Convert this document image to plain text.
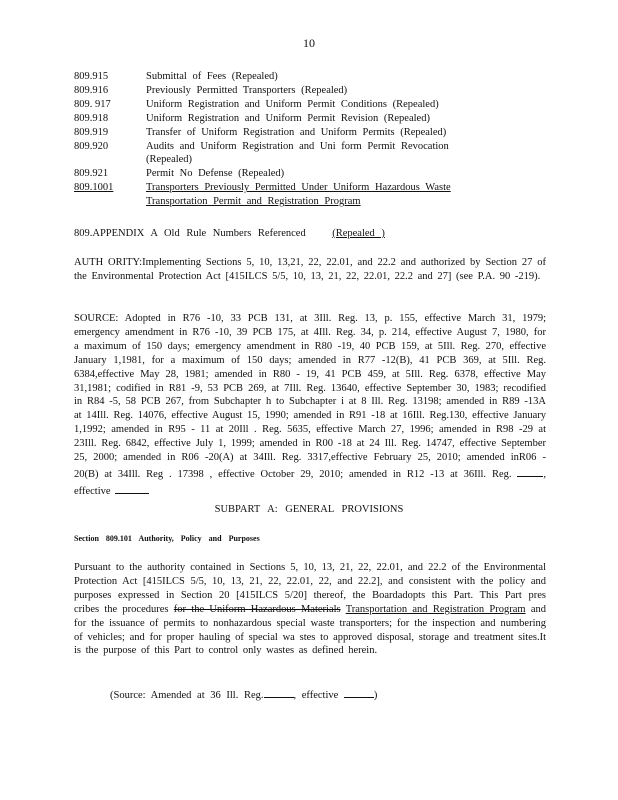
10
809.915	Submittal of Fees (Repealed)
809.916	Previously Permitted Transporters (Repealed)
809. 917	Uniform Registration and Uniform Permit Conditions (Repealed)
809.918	Uniform Registration and Uniform Permit Revision (Repealed)
809.919	Transfer of Uniform Registration and Uniform Permits (Repealed)
809.920	Audits and Uniform Registration and Uni form Permit Revocation (Repealed)
809.921	Permit No Defense (Repealed)
809.1001	Transporters Previously Permitted Under Uniform Hazardous Waste Transportation Permit and Registration Program
809.APPENDIX A Old Rule Numbers Referenced	(Repealed )
AUTH ORITY:Implementing Sections 5, 10, 13,21, 22, 22.01, and 22.2 and authorized by Section 27 of the Environmental Protection Act [415ILCS 5/5, 10, 13, 21, 22, 22.01, 22.2 and 27] (see P.A. 90 -219).
SOURCE: Adopted in R76 -10, 33 PCB 131, at 3Ill. Reg. 13, p. 155, effective March 31, 1979; emergency amendment in R76 -10, 39 PCB 175, at 4Ill. Reg. 34, p. 214, effective August 7, 1980, for a maximum of 150 days; emergency amendment in R80 -19, 40 PCB 159, at 5Ill. Reg. 270, effective January 1,1981, for a maximum of 150 days; amended in R77 -12(B), 41 PCB 369, at 5Ill. Reg. 6384,effective May 28, 1981; amended in R80 - 19, 41 PCB 459, at 5Ill. Reg. 6378, effective May 31,1981; codified in R81 -9, 53 PCB 269, at 7Ill. Reg. 13640, effective September 30, 1983; recodified in R84 -5, 58 PCB 267, from Subchapter h to Subchapter i at 8 Ill. Reg. 13198; amended in R89 -13A at 14Ill. Reg. 14076, effective August 15, 1990; amended in R91 -18 at 16Ill. Reg.130, effective January 1,1992; amended in R95 - 11 at 20Ill . Reg. 5635, effective March 27, 1996; amended in R98 -29 at 23Ill. Reg. 6842, effective July 1, 1999; amended in R00 -18 at 24 Ill. Reg. 14747, effective September 25, 2000; amended in R06 -20(A) at 34Ill. Reg. 3317,effective February 25, 2010; amended inR06 - 20(B) at 34Ill. Reg . 17398 , effective October 29, 2010; amended in R12 -13 at 36Ill. Reg.	, effective
SUBPART A: GENERAL PROVISIONS
Section 809.101 Authority, Policy and Purposes
Pursuant to the authority contained in Sections 5, 10, 13, 21, 22, 22.01, and 22.2 of the Environmental Protection Act [415ILCS 5/5, 10, 13, 21, 22, 22.01, 22, and 22.2], and consistent with the policy and purposes expressed in Section 20 [415ILCS 5/20] thereof, the Boardadopts this Part. This Part pres cribes the procedures for the Uniform Hazardous Materials Transportation and Registration Program and for the issuance of permits to nonhazardous special waste transporters; for the inspection and numbering of vehicles; and for proper hauling of special wa stes to approved disposal, storage and treatment sites.It is the purpose of this Part to control only wastes as defined herein.
(Source: Amended at 36 Ill. Reg.	, effective	)
